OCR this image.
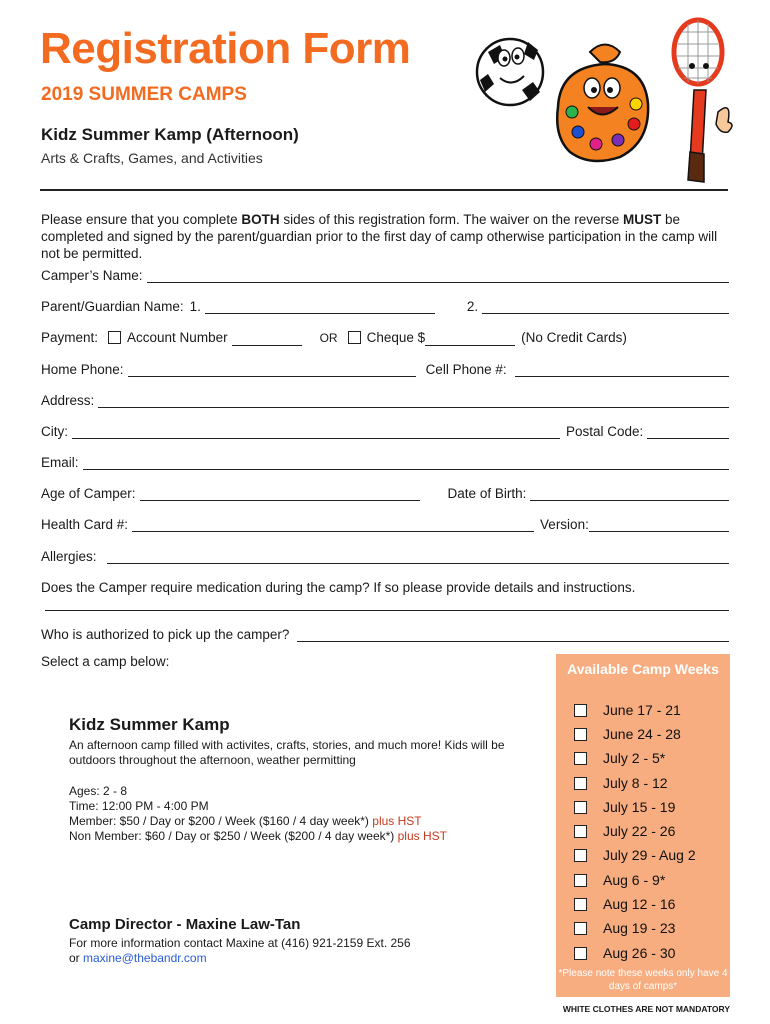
Registration Form
2019 SUMMER CAMPS
Kidz Summer Kamp (Afternoon)
Arts & Crafts, Games, and Activities
Please ensure that you complete BOTH sides of this registration form. The waiver on the reverse MUST be completed and signed by the parent/guardian prior to the first day of camp otherwise participation in the camp will not be permitted.
Camper’s Name:
Parent/Guardian Name: 1.	2.
Payment: Account Number	OR Cheque $	(No Credit Cards)
Home Phone:	Cell Phone #:
Address:
City:	Postal Code:
Email:
Age of Camper:	Date of Birth:
Health Card #:	Version:
Allergies:
Does the Camper require medication during the camp? If so please provide details and instructions.
Who is authorized to pick up the camper?
Select a camp below:
Kidz Summer Kamp
An afternoon camp filled with activites, crafts, stories, and much more! Kids will be outdoors throughout the afternoon, weather permitting
Ages: 2 - 8
Time: 12:00 PM - 4:00 PM
Member: $50 / Day or $200 / Week ($160 / 4 day week*) plus HST
Non Member: $60 / Day or $250 / Week ($200 / 4 day week*) plus HST
Camp Director - Maxine Law-Tan
For more information contact Maxine at (416) 921-2159 Ext. 256
or maxine@thebandr.com
Available Camp Weeks
June 17 - 21
June 24 - 28
July 2 - 5*
July 8 - 12
July 15 - 19
July 22 - 26
July 29 - Aug 2
Aug 6 - 9*
Aug 12 - 16
Aug 19 - 23
Aug 26 - 30
*Please note these weeks only have 4 days of camps*
WHITE CLOTHES ARE NOT MANDATORY
